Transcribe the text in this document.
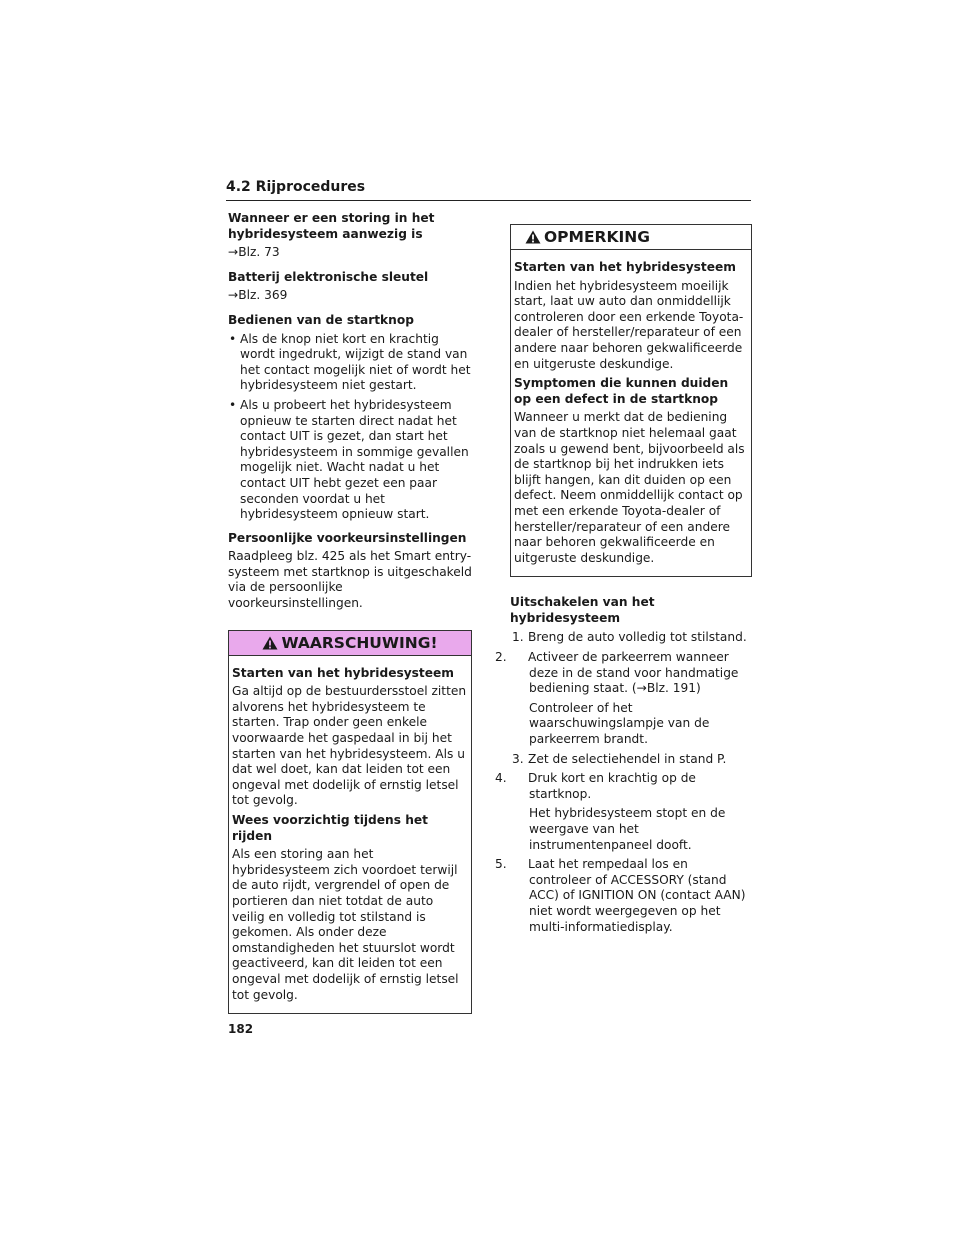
4.2 Rijprocedures
Wanneer er een storing in het hybridesysteem aanwezig is
→Blz. 73
Batterij elektronische sleutel
→Blz. 369
Bedienen van de startknop
• Als de knop niet kort en krachtig wordt ingedrukt, wijzigt de stand van het contact mogelijk niet of wordt het hybridesysteem niet gestart.
• Als u probeert het hybridesysteem opnieuw te starten direct nadat het contact UIT is gezet, dan start het hybridesysteem in sommige gevallen mogelijk niet. Wacht nadat u het contact UIT hebt gezet een paar seconden voordat u het hybridesysteem opnieuw start.
Persoonlijke voorkeursinstellingen

Raadpleeg blz. 425 als het Smart entry-systeem met startknop is uitgeschakeld via de persoonlijke voorkeursinstellingen.

WAARSCHUWING!
Starten van het hybridesysteem

Ga altijd op de bestuurdersstoel zitten alvorens het hybridesysteem te starten. Trap onder geen enkele voorwaarde het gaspedaal in bij het starten van het hybridesysteem. Als u dat wel doet, kan dat leiden tot een ongeval met dodelijk of ernstig letsel tot gevolg.

Wees voorzichtig tijdens het rijden

Als een storing aan het hybridesysteem zich voordoet terwijl de auto rijdt, vergrendel of open de portieren dan niet totdat de auto veilig en volledig tot stilstand is gekomen. Als onder deze omstandigheden het stuurslot wordt geactiveerd, kan dit leiden tot een ongeval met dodelijk of ernstig letsel tot gevolg.

OPMERKING
Starten van het hybridesysteem

Indien het hybridesysteem moeilijk start, laat uw auto dan onmiddellijk controleren door een erkende Toyota-dealer of hersteller/reparateur of een andere naar behoren gekwalificeerde en uitgeruste deskundige.

Symptomen die kunnen duiden op een defect in de startknop

Wanneer u merkt dat de bediening van de startknop niet helemaal gaat zoals u gewend bent, bijvoorbeeld als de startknop bij het indrukken iets blijft hangen, kan dit duiden op een defect. Neem onmiddellijk contact op met een erkende Toyota-dealer of hersteller/reparateur of een andere naar behoren gekwalificeerde en uitgeruste deskundige.

Uitschakelen van het hybridesysteem
1. Breng de auto volledig tot stilstand.
2. Activeer de parkeerrem wanneer deze in de stand voor handmatige bediening staat. (→Blz. 191)
Controleer of het waarschuwingslampje van de parkeerrem brandt.
3. Zet de selectiehendel in stand P.
4. Druk kort en krachtig op de startknop.
Het hybridesysteem stopt en de weergave van het instrumentenpaneel dooft.
5. Laat het rempedaal los en controleer of ACCESSORY (stand ACC) of IGNITION ON (contact AAN) niet wordt weergegeven op het multi-informatiedisplay.
182
